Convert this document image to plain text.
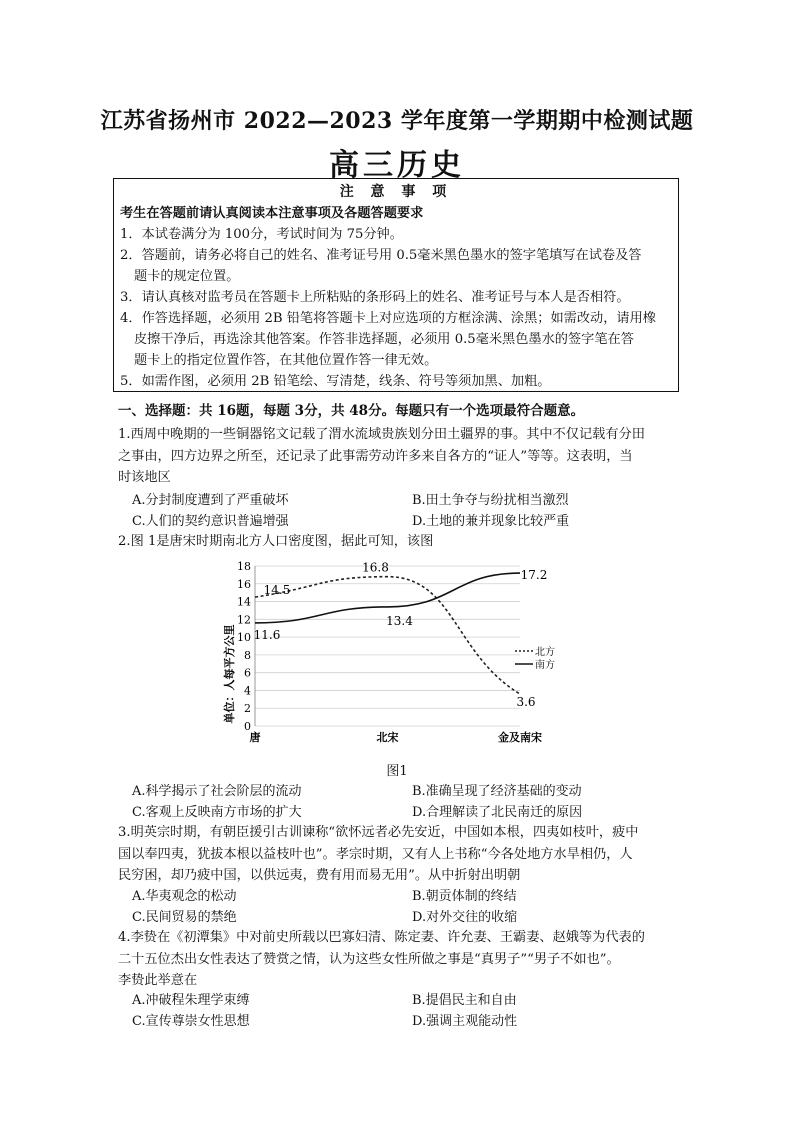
江苏省扬州市 2022—2023 学年度第一学期期中检测试题
高三历史
注 意 事 项
考生在答题前请认真阅读本注意事项及各题答题要求
1．本试卷满分为 100分，考试时间为 75分钟。
2．答题前，请务必将自己的姓名、准考证号用 0.5毫米黑色墨水的签字笔填写在试卷及答
题卡的规定位置。
3．请认真核对监考员在答题卡上所粘贴的条形码上的姓名、准考证号与本人是否相符。
4．作答选择题，必须用 2B 铅笔将答题卡上对应选项的方框涂满、涂黑；如需改动，请用橡
皮擦干净后，再选涂其他答案。作答非选择题，必须用 0.5毫米黑色墨水的签字笔在答
题卡上的指定位置作答，在其他位置作答一律无效。
5．如需作图，必须用 2B 铅笔绘、写清楚，线条、符号等须加黑、加粗。
一、选择题：共 16题，每题 3分，共 48分。每题只有一个选项最符合题意。
1.西周中晚期的一些铜器铭文记载了渭水流域贵族划分田土疆界的事。其中不仅记载有分田
之事由，四方边界之所至，还记录了此事需劳动许多来自各方的“证人”等等。这表明，当
时该地区
A.分封制度遭到了严重破坏	B.田土争夺与纷扰相当激烈
C.人们的契约意识普遍增强	D.土地的兼并现象比较严重
2.图 1是唐宋时期南北方人口密度图，据此可知，该图
0
2
4
6
8
10
12
14
16
18
唐	北宋	金及南宋
单位：人每平方公里
14.5
16.8
3.6
11.6
13.4
17.2
北方
南方
图1
A.科学揭示了社会阶层的流动	B.准确呈现了经济基础的变动
C.客观上反映南方市场的扩大	D.合理解读了北民南迁的原因
3.明英宗时期，有朝臣援引古训谏称“欲怀远者必先安近，中国如本根，四夷如枝叶，疲中
国以奉四夷，犹拔本根以益枝叶也”。孝宗时期，又有人上书称“今各处地方水旱相仍，人
民穷困，却乃疲中国，以供远夷，费有用而易无用”。从中折射出明朝
A.华夷观念的松动	B.朝贡体制的终结
C.民间贸易的禁绝	D.对外交往的收缩
4.李贽在《初潭集》中对前史所载以巴寡妇清、陈定妻、许允妻、王霸妻、赵娥等为代表的
二十五位杰出女性表达了赞赏之情，认为这些女性所做之事是“真男子”“男子不如也”。
李贽此举意在
A.冲破程朱理学束缚	B.提倡民主和自由
C.宣传尊崇女性思想	D.强调主观能动性
